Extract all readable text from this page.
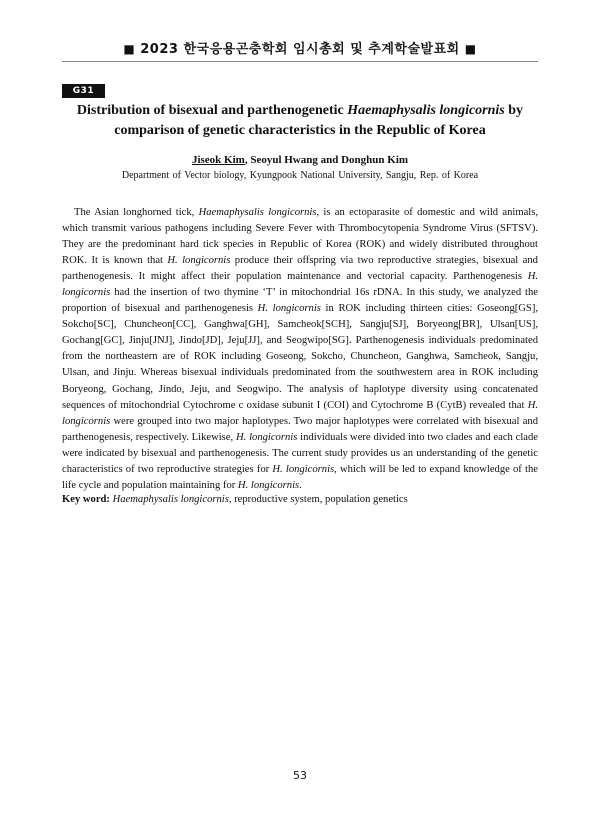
■ 2023 한국응용곤충학회 임시총회 및 추계학술발표회 ■
G31
Distribution of bisexual and parthenogenetic Haemaphysalis longicornis by comparison of genetic characteristics in the Republic of Korea
Jiseok Kim, Seoyul Hwang and Donghun Kim
Department of Vector biology, Kyungpook National University, Sangju, Rep. of Korea
The Asian longhorned tick, Haemaphysalis longicornis, is an ectoparasite of domestic and wild animals, which transmit various pathogens including Severe Fever with Thrombocytopenia Syndrome Virus (SFTSV). They are the predominant hard tick species in Republic of Korea (ROK) and widely distributed throughout ROK. It is known that H. longicornis produce their offspring via two reproductive strategies, bisexual and parthenogenesis. It might affect their population maintenance and vectorial capacity. Parthenogenesis H. longicornis had the insertion of two thymine ‘T’ in mitochondrial 16s rDNA. In this study, we analyzed the proportion of bisexual and parthenogenesis H. longicornis in ROK including thirteen cities: Goseong[GS], Sokcho[SC], Chuncheon[CC], Ganghwa[GH], Samcheok[SCH], Sangju[SJ], Boryeong[BR], Ulsan[US], Gochang[GC], Jinju[JNJ], Jindo[JD], Jeju[JJ], and Seogwipo[SG]. Parthenogenesis individuals predominated from the northeastern are of ROK including Goseong, Sokcho, Chuncheon, Ganghwa, Samcheok, Sangju, Ulsan, and Jinju. Whereas bisexual individuals predominated from the southwestern area in ROK including Boryeong, Gochang, Jindo, Jeju, and Seogwipo. The analysis of haplotype diversity using concatenated sequences of mitochondrial Cytochrome c oxidase subunit I (COI) and Cytochrome B (CytB) revealed that H. longicornis were grouped into two major haplotypes. Two major haplotypes were correlated with bisexual and parthenogenesis, respectively. Likewise, H. longicornis individuals were divided into two clades and each clade were indicated by bisexual and parthenogenesis. The current study provides us an understanding of the genetic characteristics of two reproductive strategies for H. longicornis, which will be led to expand knowledge of the life cycle and population maintaining for H. longicornis.
Key word: Haemaphysalis longicornis, reproductive system, population genetics
53
